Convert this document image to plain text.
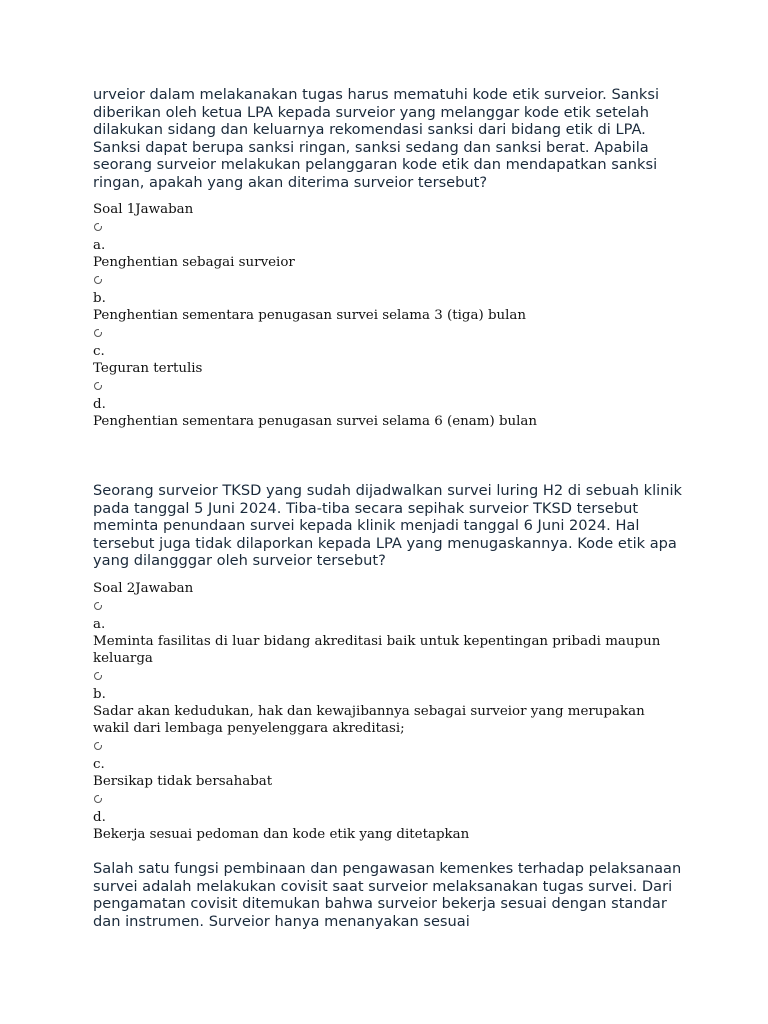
urveior dalam melakanakan tugas harus mematuhi kode etik surveior. Sanksi diberikan oleh ketua LPA kepada surveior yang melanggar kode etik setelah dilakukan sidang dan keluarnya rekomendasi sanksi dari bidang etik di LPA. Sanksi dapat berupa sanksi ringan, sanksi sedang dan sanksi berat. Apabila seorang surveior melakukan pelanggaran kode etik dan mendapatkan sanksi ringan, apakah yang akan diterima surveior tersebut?

Soal 1Jawaban
a.
Penghentian sebagai surveior
b.
Penghentian sementara penugasan survei selama 3 (tiga) bulan
c.
Teguran tertulis
d.
Penghentian sementara penugasan survei selama 6 (enam) bulan

Seorang surveior TKSD yang sudah dijadwalkan survei luring H2 di sebuah klinik pada tanggal 5 Juni 2024. Tiba-tiba secara sepihak surveior TKSD tersebut meminta penundaan survei kepada klinik menjadi tanggal 6 Juni 2024. Hal tersebut juga tidak dilaporkan kepada LPA yang menugaskannya. Kode etik apa yang dilangggar oleh surveior tersebut?

Soal 2Jawaban
a.
Meminta fasilitas di luar bidang akreditasi baik untuk kepentingan pribadi maupun keluarga
b.
Sadar akan kedudukan, hak dan kewajibannya sebagai surveior yang merupakan wakil dari lembaga penyelenggara akreditasi;
c.
Bersikap tidak bersahabat
d.
Bekerja sesuai pedoman dan kode etik yang ditetapkan

Salah satu fungsi pembinaan dan pengawasan kemenkes terhadap pelaksanaan survei adalah melakukan covisit saat surveior melaksanakan tugas survei. Dari pengamatan covisit ditemukan bahwa surveior bekerja sesuai dengan standar dan instrumen. Surveior hanya menanyakan sesuai
